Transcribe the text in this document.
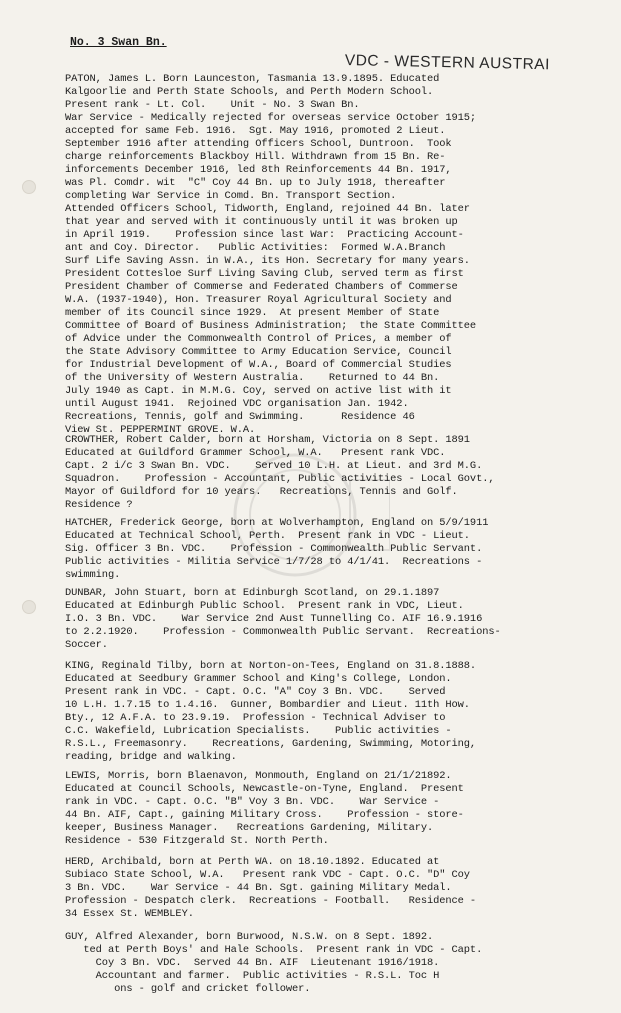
No. 3 Swan Bn.
VDC - WESTERN AUSTRAI
PATON, James L. Born Launceston, Tasmania 13.9.1895. Educated
Kalgoorlie and Perth State Schools, and Perth Modern School.
Present rank - Lt. Col.    Unit - No. 3 Swan Bn.
War Service - Medically rejected for overseas service October 1915;
accepted for same Feb. 1916.  Sgt. May 1916, promoted 2 Lieut.
September 1916 after attending Officers School, Duntroon.  Took
charge reinforcements Blackboy Hill. Withdrawn from 15 Bn. Re-
inforcements December 1916, led 8th Reinforcements 44 Bn. 1917,
was Pl. Comdr. wit  "C" Coy 44 Bn. up to July 1918, thereafter
completing War Service in Comd. Bn. Transport Section.
Attended Officers School, Tidworth, England, rejoined 44 Bn. later
that year and served with it continuously until it was broken up
in April 1919.    Profession since last War:  Practicing Account-
ant and Coy. Director.   Public Activities:  Formed W.A.Branch
Surf Life Saving Assn. in W.A., its Hon. Secretary for many years.
President Cottesloe Surf Living Saving Club, served term as first
President Chamber of Commerse and Federated Chambers of Commerse
W.A. (1937-1940), Hon. Treasurer Royal Agricultural Society and
member of its Council since 1929.  At present Member of State
Committee of Board of Business Administration;  the State Committee
of Advice under the Commonwealth Control of Prices, a member of
the State Advisory Committee to Army Education Service, Council
for Industrial Development of W.A., Board of Commercial Studies
of the University of Western Australia.    Returned to 44 Bn.
July 1940 as Capt. in M.M.G. Coy, served on active list with it
until August 1941.  Rejoined VDC organisation Jan. 1942.
Recreations, Tennis, golf and Swimming.      Residence 46
View St. PEPPERMINT GROVE. W.A.
CROWTHER, Robert Calder, born at Horsham, Victoria on 8 Sept. 1891
Educated at Guildford Grammer School, W.A.   Present rank VDC.
Capt. 2 i/c 3 Swan Bn. VDC.    Served 10 L.H. at Lieut. and 3rd M.G.
Squadron.    Profession - Accountant, Public activities - Local Govt.,
Mayor of Guildford for 10 years.   Recreations, Tennis and Golf.
Residence ?
HATCHER, Frederick George, born at Wolverhampton, England on 5/9/1911
Educated at Technical School, Perth.  Present rank in VDC - Lieut.
Sig. Officer 3 Bn. VDC.    Profession - Commonwealth Public Servant.
Public activities - Militia Service 1/7/28 to 4/1/41.  Recreations -
swimming.
DUNBAR, John Stuart, born at Edinburgh Scotland, on 29.1.1897
Educated at Edinburgh Public School.  Present rank in VDC, Lieut.
I.O. 3 Bn. VDC.    War Service 2nd Aust Tunnelling Co. AIF 16.9.1916
to 2.2.1920.    Profession - Commonwealth Public Servant.  Recreations-
Soccer.
KING, Reginald Tilby, born at Norton-on-Tees, England on 31.8.1888.
Educated at Seedbury Grammer School and King's College, London.
Present rank in VDC. - Capt. O.C. "A" Coy 3 Bn. VDC.    Served
10 L.H. 1.7.15 to 1.4.16.  Gunner, Bombardier and Lieut. 11th How.
Bty., 12 A.F.A. to 23.9.19.  Profession - Technical Adviser to
C.C. Wakefield, Lubrication Specialists.    Public activities -
R.S.L., Freemasonry.    Recreations, Gardening, Swimming, Motoring,
reading, bridge and walking.
LEWIS, Morris, born Blaenavon, Monmouth, England on 21/1/21892.
Educated at Council Schools, Newcastle-on-Tyne, England.  Present
rank in VDC. - Capt. O.C. "B" Voy 3 Bn. VDC.    War Service -
44 Bn. AIF, Capt., gaining Military Cross.    Profession - store-
keeper, Business Manager.   Recreations Gardening, Military.
Residence - 530 Fitzgerald St. North Perth.
HERD, Archibald, born at Perth WA. on 18.10.1892. Educated at
Subiaco State School, W.A.   Present rank VDC - Capt. O.C. "D" Coy
3 Bn. VDC.    War Service - 44 Bn. Sgt. gaining Military Medal.
Profession - Despatch clerk.  Recreations - Football.   Residence -
34 Essex St. WEMBLEY.
GUY, Alfred Alexander, born Burwood, N.S.W. on 8 Sept. 1892.
ted at Perth Boys' and Hale Schools.  Present rank in VDC - Capt.
Coy 3 Bn. VDC.  Served 44 Bn. AIF  Lieutenant 1916/1918.
Accountant and farmer.  Public activities - R.S.L. Toc H
ons - golf and cricket follower.
